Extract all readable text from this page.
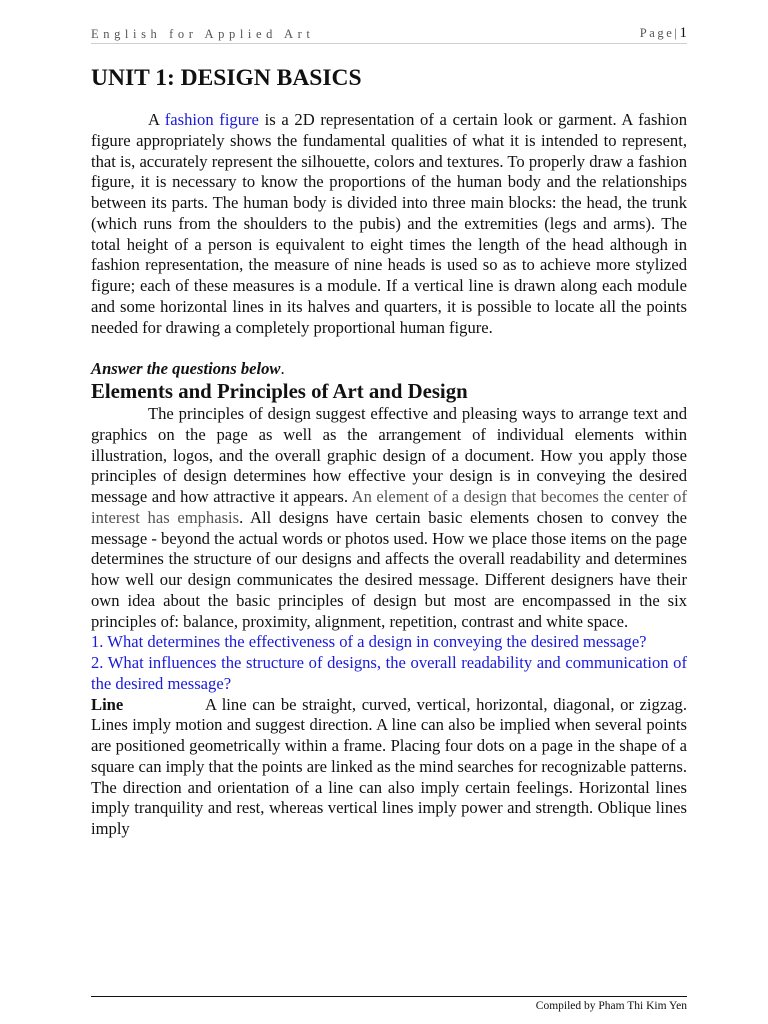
English for Applied Art	Page|1
UNIT 1: DESIGN BASICS

A fashion figure is a 2D representation of a certain look or garment. A fashion figure appropriately shows the fundamental qualities of what it is intended to represent, that is, accurately represent the silhouette, colors and textures. To properly draw a fashion figure, it is necessary to know the proportions of the human body and the relationships between its parts. The human body is divided into three main blocks: the head, the trunk (which runs from the shoulders to the pubis) and the extremities (legs and arms). The total height of a person is equivalent to eight times the length of the head although in fashion representation, the measure of nine heads is used so as to achieve more stylized figure; each of these measures is a module. If a vertical line is drawn along each module and some horizontal lines in its halves and quarters, it is possible to locate all the points needed for drawing a completely proportional human figure.

Answer the questions below.
Elements and Principles of Art and Design

The principles of design suggest effective and pleasing ways to arrange text and graphics on the page as well as the arrangement of individual elements within illustration, logos, and the overall graphic design of a document. How you apply those principles of design determines how effective your design is in conveying the desired message and how attractive it appears. An element of a design that becomes the center of interest has emphasis. All designs have certain basic elements chosen to convey the message - beyond the actual words or photos used. How we place those items on the page determines the structure of our designs and affects the overall readability and determines how well our design communicates the desired message. Different designers have their own idea about the basic principles of design but most are encompassed in the six principles of: balance, proximity, alignment, repetition, contrast and white space.

1. What determines the effectiveness of a design in conveying the desired message?

2. What influences the structure of designs, the overall readability and communication of the desired message?

Line	A line can be straight, curved, vertical, horizontal, diagonal, or zigzag. Lines imply motion and suggest direction. A line can also be implied when several points are positioned geometrically within a frame. Placing four dots on a page in the shape of a square can imply that the points are linked as the mind searches for recognizable patterns. The direction and orientation of a line can also imply certain feelings. Horizontal lines imply tranquility and rest, whereas vertical lines imply power and strength. Oblique lines imply

Compiled by Pham Thi Kim Yen
